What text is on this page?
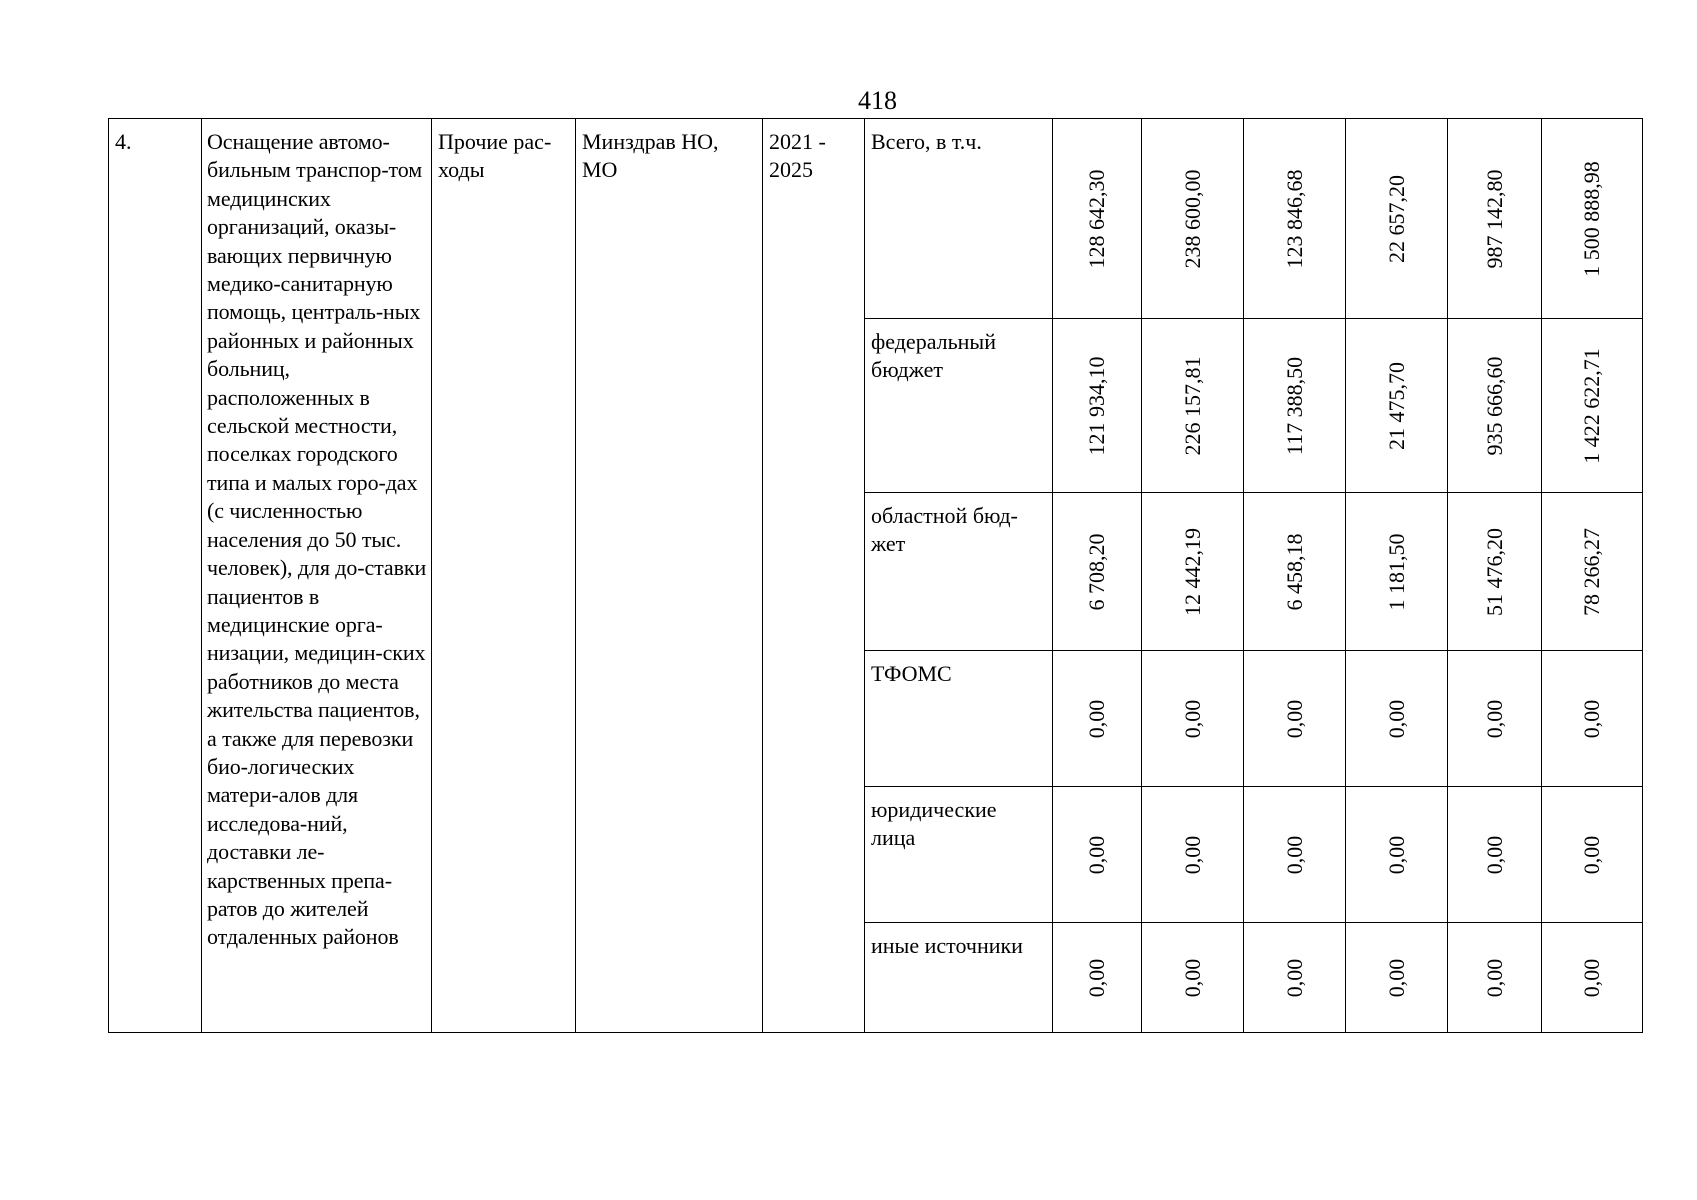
418
4.	Оснащение автомо-бильным транспор-том медицинских организаций, оказы-вающих первичную медико-санитарную помощь, централь-ных районных и районных больниц, расположенных в сельской местности, поселках городского типа и малых горо-дах (с численностью населения до 50 тыс. человек), для до-ставки пациентов в медицинские орга-низации, медицин-ских работников до места жительства пациентов, а также для перевозки био-логических матери-алов для исследова-ний, доставки ле-карственных препа-ратов до жителей отдаленных районов	Прочие рас-ходы	Минздрав НО, МО	2021 - 2025	Всего, в т.ч.	128 642,30	238 600,00	123 846,68	22 657,20	987 142,80	1 500 888,98

					федеральный бюджет	121 934,10	226 157,81	117 388,50	21 475,70	935 666,60	1 422 622,71

					областной бюд-жет	6 708,20	12 442,19	6 458,18	1 181,50	51 476,20	78 266,27

					ТФОМС	0,00	0,00	0,00	0,00	0,00	0,00

					юридические лица	0,00	0,00	0,00	0,00	0,00	0,00

					иные источники	0,00	0,00	0,00	0,00	0,00	0,00
